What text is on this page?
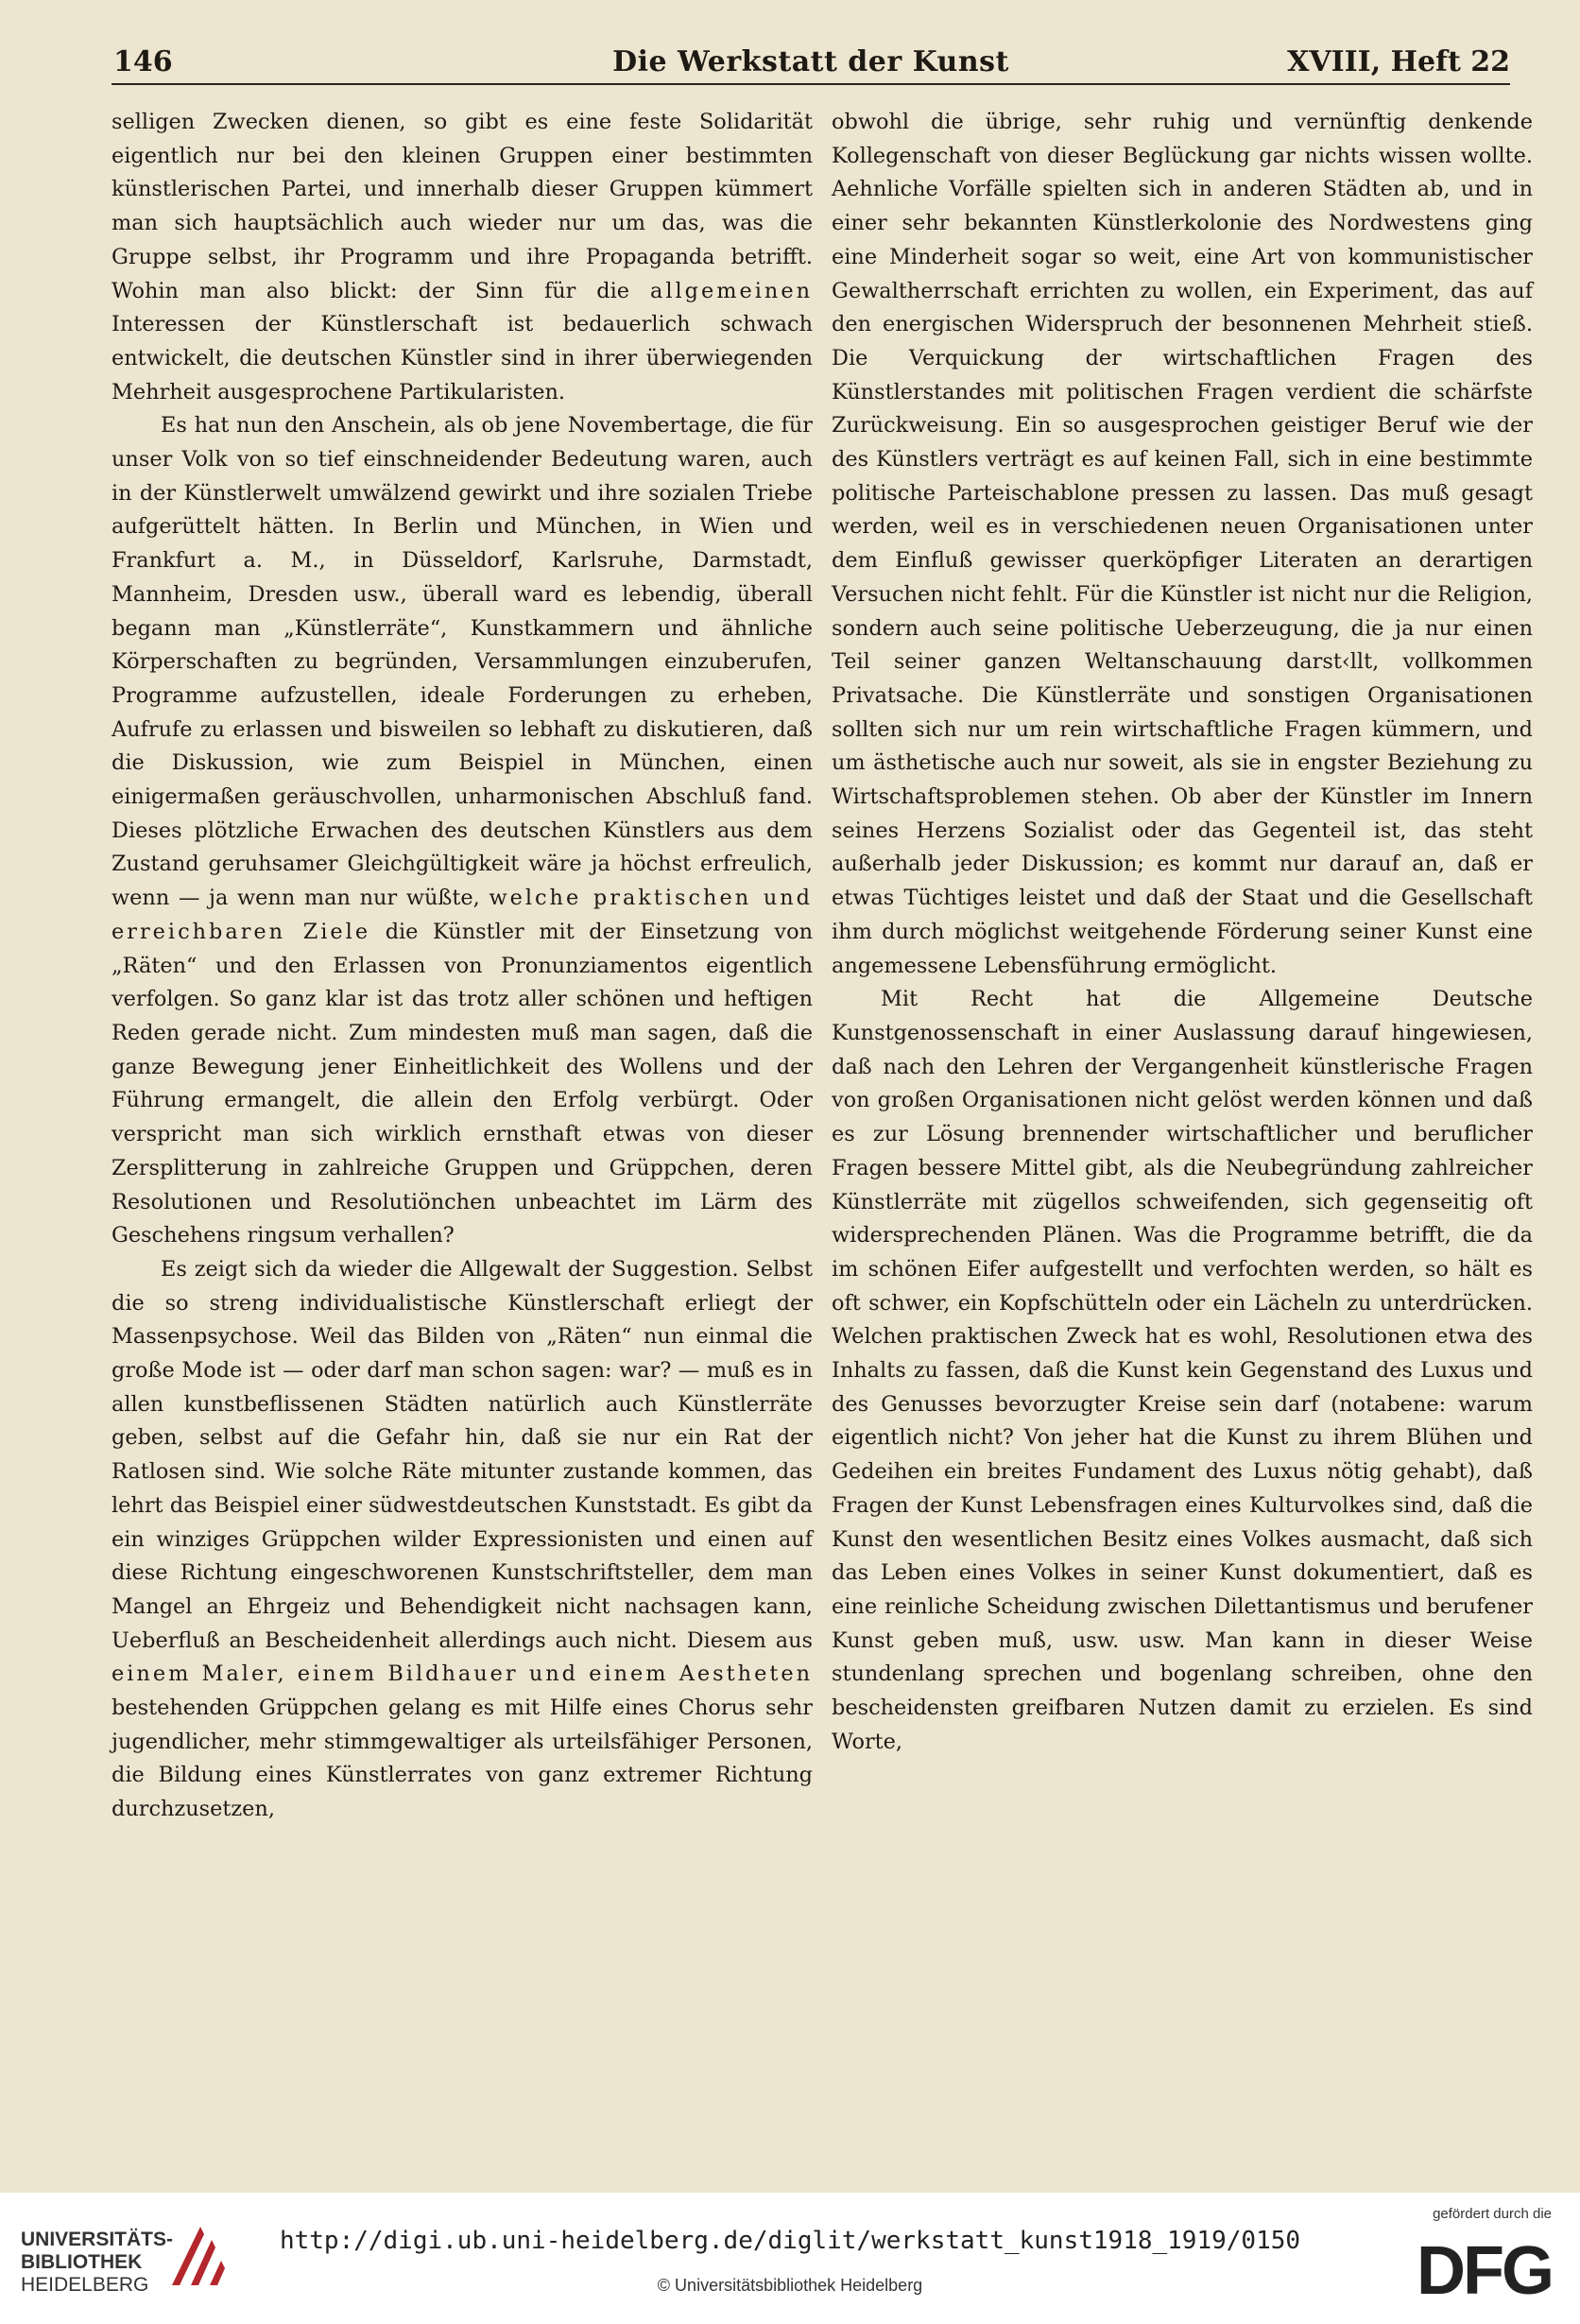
146	Die Werkstatt der Kunst	XVIII, Heft 22

selligen Zwecken dienen, so gibt es eine feste Solidarität eigentlich nur bei den kleinen Gruppen einer bestimmten künstlerischen Partei, und innerhalb dieser Gruppen kümmert man sich hauptsächlich auch wieder nur um das, was die Gruppe selbst, ihr Programm und ihre Propaganda betrifft. Wohin man also blickt: der Sinn für die allgemeinen Interessen der Künstlerschaft ist bedauerlich schwach entwickelt, die deutschen Künstler sind in ihrer überwiegenden Mehrheit ausgesprochene Partikularisten.

Es hat nun den Anschein, als ob jene Novembertage, die für unser Volk von so tief einschneidender Bedeutung waren, auch in der Künstlerwelt umwälzend gewirkt und ihre sozialen Triebe aufgerüttelt hätten. In Berlin und München, in Wien und Frankfurt a. M., in Düsseldorf, Karlsruhe, Darmstadt, Mannheim, Dresden usw., überall ward es lebendig, überall begann man „Künstlerräte“, Kunstkammern und ähnliche Körperschaften zu begründen, Versammlungen einzuberufen, Programme aufzustellen, ideale Forderungen zu erheben, Aufrufe zu erlassen und bisweilen so lebhaft zu diskutieren, daß die Diskussion, wie zum Beispiel in München, einen einigermaßen geräuschvollen, unharmonischen Abschluß fand. Dieses plötzliche Erwachen des deutschen Künstlers aus dem Zustand geruhsamer Gleichgültigkeit wäre ja höchst erfreulich, wenn — ja wenn man nur wüßte, welche praktischen und erreichbaren Ziele die Künstler mit der Einsetzung von „Räten“ und den Erlassen von Pronunziamentos eigentlich verfolgen. So ganz klar ist das trotz aller schönen und heftigen Reden gerade nicht. Zum mindesten muß man sagen, daß die ganze Bewegung jener Einheitlichkeit des Wollens und der Führung ermangelt, die allein den Erfolg verbürgt. Oder verspricht man sich wirklich ernsthaft etwas von dieser Zersplitterung in zahlreiche Gruppen und Grüppchen, deren Resolutionen und Resolutiönchen unbeachtet im Lärm des Geschehens ringsum verhallen?

Es zeigt sich da wieder die Allgewalt der Suggestion. Selbst die so streng individualistische Künstlerschaft erliegt der Massenpsychose. Weil das Bilden von „Räten“ nun einmal die große Mode ist — oder darf man schon sagen: war? — muß es in allen kunstbeflissenen Städten natürlich auch Künstlerräte geben, selbst auf die Gefahr hin, daß sie nur ein Rat der Ratlosen sind. Wie solche Räte mitunter zustande kommen, das lehrt das Beispiel einer südwestdeutschen Kunststadt. Es gibt da ein winziges Grüppchen wilder Expressionisten und einen auf diese Richtung eingeschworenen Kunstschriftsteller, dem man Mangel an Ehrgeiz und Behendigkeit nicht nachsagen kann, Ueberfluß an Bescheidenheit allerdings auch nicht. Diesem aus einem Maler, einem Bildhauer und einem Aestheten bestehenden Grüppchen gelang es mit Hilfe eines Chorus sehr jugendlicher, mehr stimmgewaltiger als urteilsfähiger Personen, die Bildung eines Künstlerrates von ganz extremer Richtung durchzusetzen,

obwohl die übrige, sehr ruhig und vernünftig denkende Kollegenschaft von dieser Beglückung gar nichts wissen wollte. Aehnliche Vorfälle spielten sich in anderen Städten ab, und in einer sehr bekannten Künstlerkolonie des Nordwestens ging eine Minderheit sogar so weit, eine Art von kommunistischer Gewaltherrschaft errichten zu wollen, ein Experiment, das auf den energischen Widerspruch der besonnenen Mehrheit stieß. Die Verquickung der wirtschaftlichen Fragen des Künstlerstandes mit politischen Fragen verdient die schärfste Zurückweisung. Ein so ausgesprochen geistiger Beruf wie der des Künstlers verträgt es auf keinen Fall, sich in eine bestimmte politische Parteischablone pressen zu lassen. Das muß gesagt werden, weil es in verschiedenen neuen Organisationen unter dem Einfluß gewisser querköpfiger Literaten an derartigen Versuchen nicht fehlt. Für die Künstler ist nicht nur die Religion, sondern auch seine politische Ueberzeugung, die ja nur einen Teil seiner ganzen Weltanschauung darst‹llt, vollkommen Privatsache. Die Künstlerräte und sonstigen Organisationen sollten sich nur um rein wirtschaftliche Fragen kümmern, und um ästhetische auch nur soweit, als sie in engster Beziehung zu Wirtschaftsproblemen stehen. Ob aber der Künstler im Innern seines Herzens Sozialist oder das Gegenteil ist, das steht außerhalb jeder Diskussion; es kommt nur darauf an, daß er etwas Tüchtiges leistet und daß der Staat und die Gesellschaft ihm durch möglichst weitgehende Förderung seiner Kunst eine angemessene Lebensführung ermöglicht.

Mit Recht hat die Allgemeine Deutsche Kunstgenossenschaft in einer Auslassung darauf hingewiesen, daß nach den Lehren der Vergangenheit künstlerische Fragen von großen Organisationen nicht gelöst werden können und daß es zur Lösung brennender wirtschaftlicher und beruflicher Fragen bessere Mittel gibt, als die Neubegründung zahlreicher Künstlerräte mit zügellos schweifenden, sich gegenseitig oft widersprechenden Plänen. Was die Programme betrifft, die da im schönen Eifer aufgestellt und verfochten werden, so hält es oft schwer, ein Kopfschütteln oder ein Lächeln zu unterdrücken. Welchen praktischen Zweck hat es wohl, Resolutionen etwa des Inhalts zu fassen, daß die Kunst kein Gegenstand des Luxus und des Genusses bevorzugter Kreise sein darf (notabene: warum eigentlich nicht? Von jeher hat die Kunst zu ihrem Blühen und Gedeihen ein breites Fundament des Luxus nötig gehabt), daß Fragen der Kunst Lebensfragen eines Kulturvolkes sind, daß die Kunst den wesentlichen Besitz eines Volkes ausmacht, daß sich das Leben eines Volkes in seiner Kunst dokumentiert, daß es eine reinliche Scheidung zwischen Dilettantismus und berufener Kunst geben muß, usw. usw. Man kann in dieser Weise stundenlang sprechen und bogenlang schreiben, ohne den bescheidensten greifbaren Nutzen damit zu erzielen. Es sind Worte,

UNIVERSITÄTS-
BIBLIOTHEK
HEIDELBERG
http://digi.ub.uni-heidelberg.de/diglit/werkstatt_kunst1918_1919/0150
© Universitätsbibliothek Heidelberg
gefördert durch die
DFG
